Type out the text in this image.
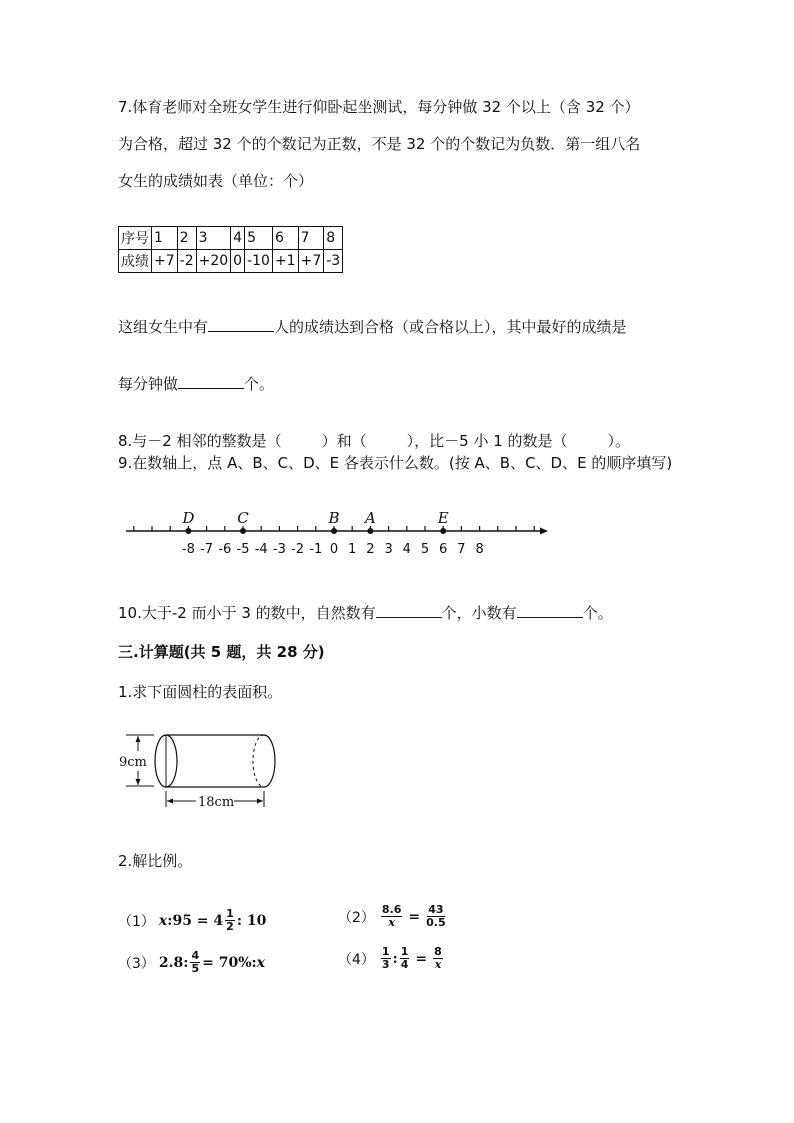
7.体育老师对全班女学生进行仰卧起坐测试，每分钟做 32 个以上（含 32 个）
为合格，超过 32 个的个数记为正数，不是 32 个的个数记为负数．第一组八名
女生的成绩如表（单位：个）
序号	1	2	3	4	5	6	7	8
成绩	+7	-2	+20	0	-10	+1	+7	-3
这组女生中有	人的成绩达到合格（或合格以上），其中最好的成绩是
每分钟做	个。
8.与－2 相邻的整数是（	）和（	），比－5 小 1 的数是（	）。
9.在数轴上，点 A、B、C、D、E 各表示什么数。(按 A、B、C、D、E 的顺序填写)
-8 -7 -6 -5 -4 -3 -2 -1 0 1 2 3 4 5 6 7 8
D	C	B A	E
10.大于-2 而小于 3 的数中，自然数有	个，小数有	个。
三.计算题(共 5 题，共 28 分)
1.求下面圆柱的表面积。
9cm
18cm
2.解比例。
（1） x :95 = $4 \frac{1}{2}$ : 10	$(2) \frac{8.6}{x} = \frac{43}{0.5}$
（3） 2.8: $\frac{4}{5} = 70\%$: x	$(4) \frac{1}{3}$ : $\frac{1}{4} = \frac{8}{x}$
